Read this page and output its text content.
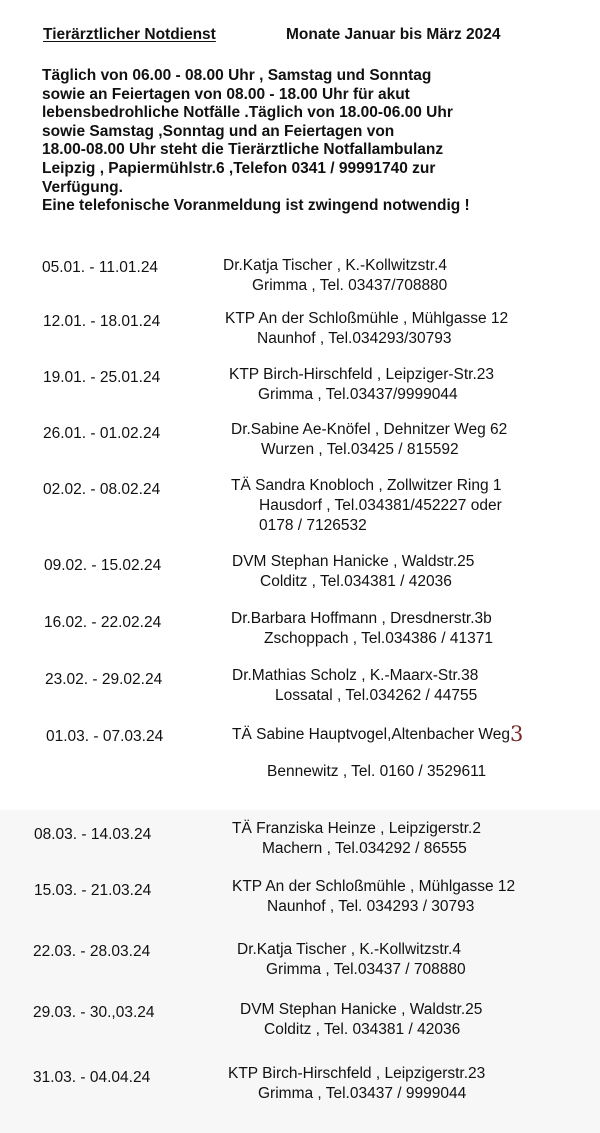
Tierärztlicher Notdienst	Monate Januar bis März 2024
Täglich von 06.00 - 08.00 Uhr , Samstag und Sonntag
sowie an Feiertagen von 08.00 - 18.00 Uhr für akut
lebensbedrohliche Notfälle .Täglich von 18.00-06.00 Uhr
sowie Samstag ,Sonntag und an Feiertagen von
18.00-08.00 Uhr steht die Tierärztliche Notfallambulanz
Leipzig , Papiermühlstr.6 ,Telefon 0341 / 99991740 zur
Verfügung.
Eine telefonische Voranmeldung ist zwingend notwendig !
05.01. - 11.01.24	Dr.Katja Tischer , K.-Kollwitzstr.4
Grimma , Tel. 03437/708880
12.01. - 18.01.24	KTP An der Schloßmühle , Mühlgasse 12
Naunhof , Tel.034293/30793
19.01. - 25.01.24	KTP Birch-Hirschfeld , Leipziger-Str.23
Grimma , Tel.03437/9999044
26.01. - 01.02.24	Dr.Sabine Ae-Knöfel , Dehnitzer Weg 62
Wurzen , Tel.03425 / 815592
02.02. - 08.02.24	TÄ Sandra Knobloch , Zollwitzer Ring 1
Hausdorf , Tel.034381/452227 oder
0178 / 7126532
09.02. - 15.02.24	DVM Stephan Hanicke , Waldstr.25
Colditz , Tel.034381 / 42036
16.02. - 22.02.24	Dr.Barbara Hoffmann , Dresdnerstr.3b
Zschoppach , Tel.034386 / 41371
23.02. - 29.02.24	Dr.Mathias Scholz , K.-Maarx-Str.38
Lossatal , Tel.034262 / 44755
01.03. - 07.03.24	TÄ Sabine Hauptvogel,Altenbacher Weg3
Bennewitz , Tel. 0160 / 3529611
08.03. - 14.03.24	TÄ Franziska Heinze , Leipzigerstr.2
Machern , Tel.034292 / 86555
15.03. - 21.03.24	KTP An der Schloßmühle , Mühlgasse 12
Naunhof , Tel. 034293 / 30793
22.03. - 28.03.24	Dr.Katja Tischer , K.-Kollwitzstr.4
Grimma , Tel.03437 / 708880
29.03. - 30.,03.24	DVM Stephan Hanicke , Waldstr.25
Colditz , Tel. 034381 / 42036
31.03. - 04.04.24	KTP Birch-Hirschfeld , Leipzigerstr.23
Grimma , Tel.03437 / 9999044
